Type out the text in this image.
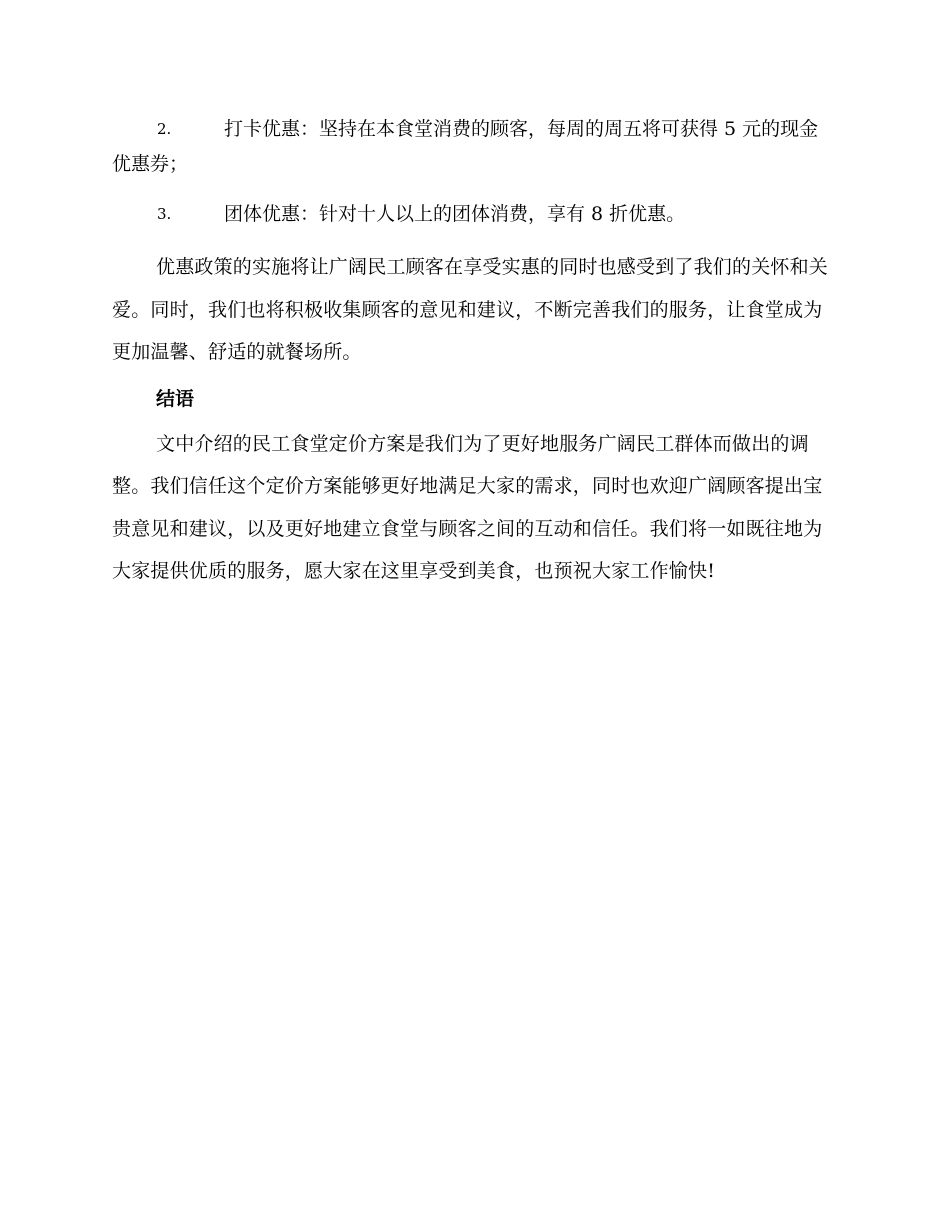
2.	打卡优惠：坚持在本食堂消费的顾客，每周的周五将可获得 5 元的现金优惠券；

3.	团体优惠：针对十人以上的团体消费，享有 8 折优惠。

优惠政策的实施将让广阔民工顾客在享受实惠的同时也感受到了我们的关怀和关爱。同时，我们也将积极收集顾客的意见和建议，不断完善我们的服务，让食堂成为更加温馨、舒适的就餐场所。

结语

文中介绍的民工食堂定价方案是我们为了更好地服务广阔民工群体而做出的调整。我们信任这个定价方案能够更好地满足大家的需求，同时也欢迎广阔顾客提出宝贵意见和建议，以及更好地建立食堂与顾客之间的互动和信任。我们将一如既往地为大家提供优质的服务，愿大家在这里享受到美食，也预祝大家工作愉快!
